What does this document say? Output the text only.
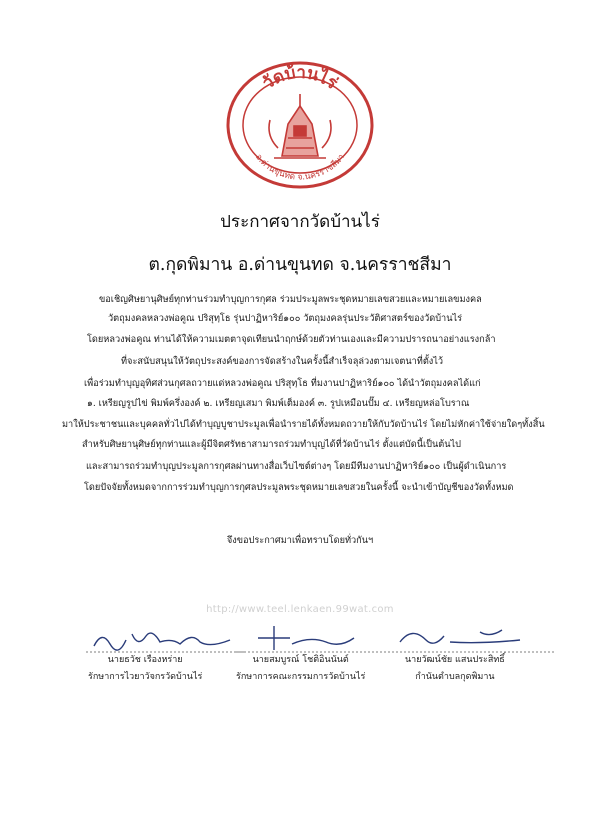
วัดบ้านไร่
อ.ด่านขุนทด จ.นครราชสีมา
ประกาศจากวัดบ้านไร่
ต.กุดพิมาน อ.ด่านขุนทด จ.นครราชสีมา
ขอเชิญศิษยานุศิษย์ทุกท่านร่วมทำบุญการกุศล ร่วมประมูลพระชุดหมายเลขสวยและหมายเลขมงคล
วัตถุมงคลหลวงพ่อคูณ ปริสุทฺโธ รุ่นปาฏิหาริย์๑๐๐ วัตถุมงคลรุ่นประวัติศาสตร์ของวัดบ้านไร่
โดยหลวงพ่อคูณ ท่านได้ให้ความเมตตาจุดเทียนนำฤกษ์ด้วยตัวท่านเองและมีความปรารถนาอย่างแรงกล้า
ที่จะสนับสนุนให้วัตถุประสงค์ของการจัดสร้างในครั้งนี้สำเร็จลุล่วงตามเจตนาที่ตั้งไว้
เพื่อร่วมทำบุญอุทิศส่วนกุศลถวายแด่หลวงพ่อคูณ ปริสุทฺโธ ที่มงานปาฏิหาริย์๑๐๐ ได้นำวัตถุมงคลได้แก่
๑. เหรียญรูปไข่ พิมพ์ครึ่งองค์ ๒. เหรียญเสมา พิมพ์เต็มองค์ ๓. รูปเหมือนปั๊ม ๔. เหรียญหล่อโบราณ
มาให้ประชาชนและบุคคลทั่วไปได้ทำบุญบูชาประมูลเพื่อนำรายได้ทั้งหมดถวายให้กับวัดบ้านไร่ โดยไม่หักค่าใช้จ่ายใดๆทั้งสิ้น
สำหรับศิษยานุศิษย์ทุกท่านและผู้มีจิตศรัทธาสามารถร่วมทำบุญได้ที่วัดบ้านไร่ ตั้งแต่บัดนี้เป็นต้นไป
และสามารถร่วมทำบุญประมูลการกุศลผ่านทางสื่อเว็บไซต์ต่างๆ โดยมีทีมงานปาฏิหาริย์๑๐๐ เป็นผู้ดำเนินการ
โดยปัจจัยทั้งหมดจากการร่วมทำบุญการกุศลประมูลพระชุดหมายเลขสวยในครั้งนี้ จะนำเข้าบัญชีของวัดทั้งหมด
จึงขอประกาศมาเพื่อทราบโดยทั่วกันฯ
http://www.teel.lenkaen.99wat.com
นายธวัช เรืองหร่าย
รักษาการไวยาวัจกรวัดบ้านไร่
นายสมบูรณ์ โชติอินนันต์
รักษาการคณะกรรมการวัดบ้านไร่
นายวัฒน์ชัย แสนประสิทธิ์
กำนันตำบลกุดพิมาน
